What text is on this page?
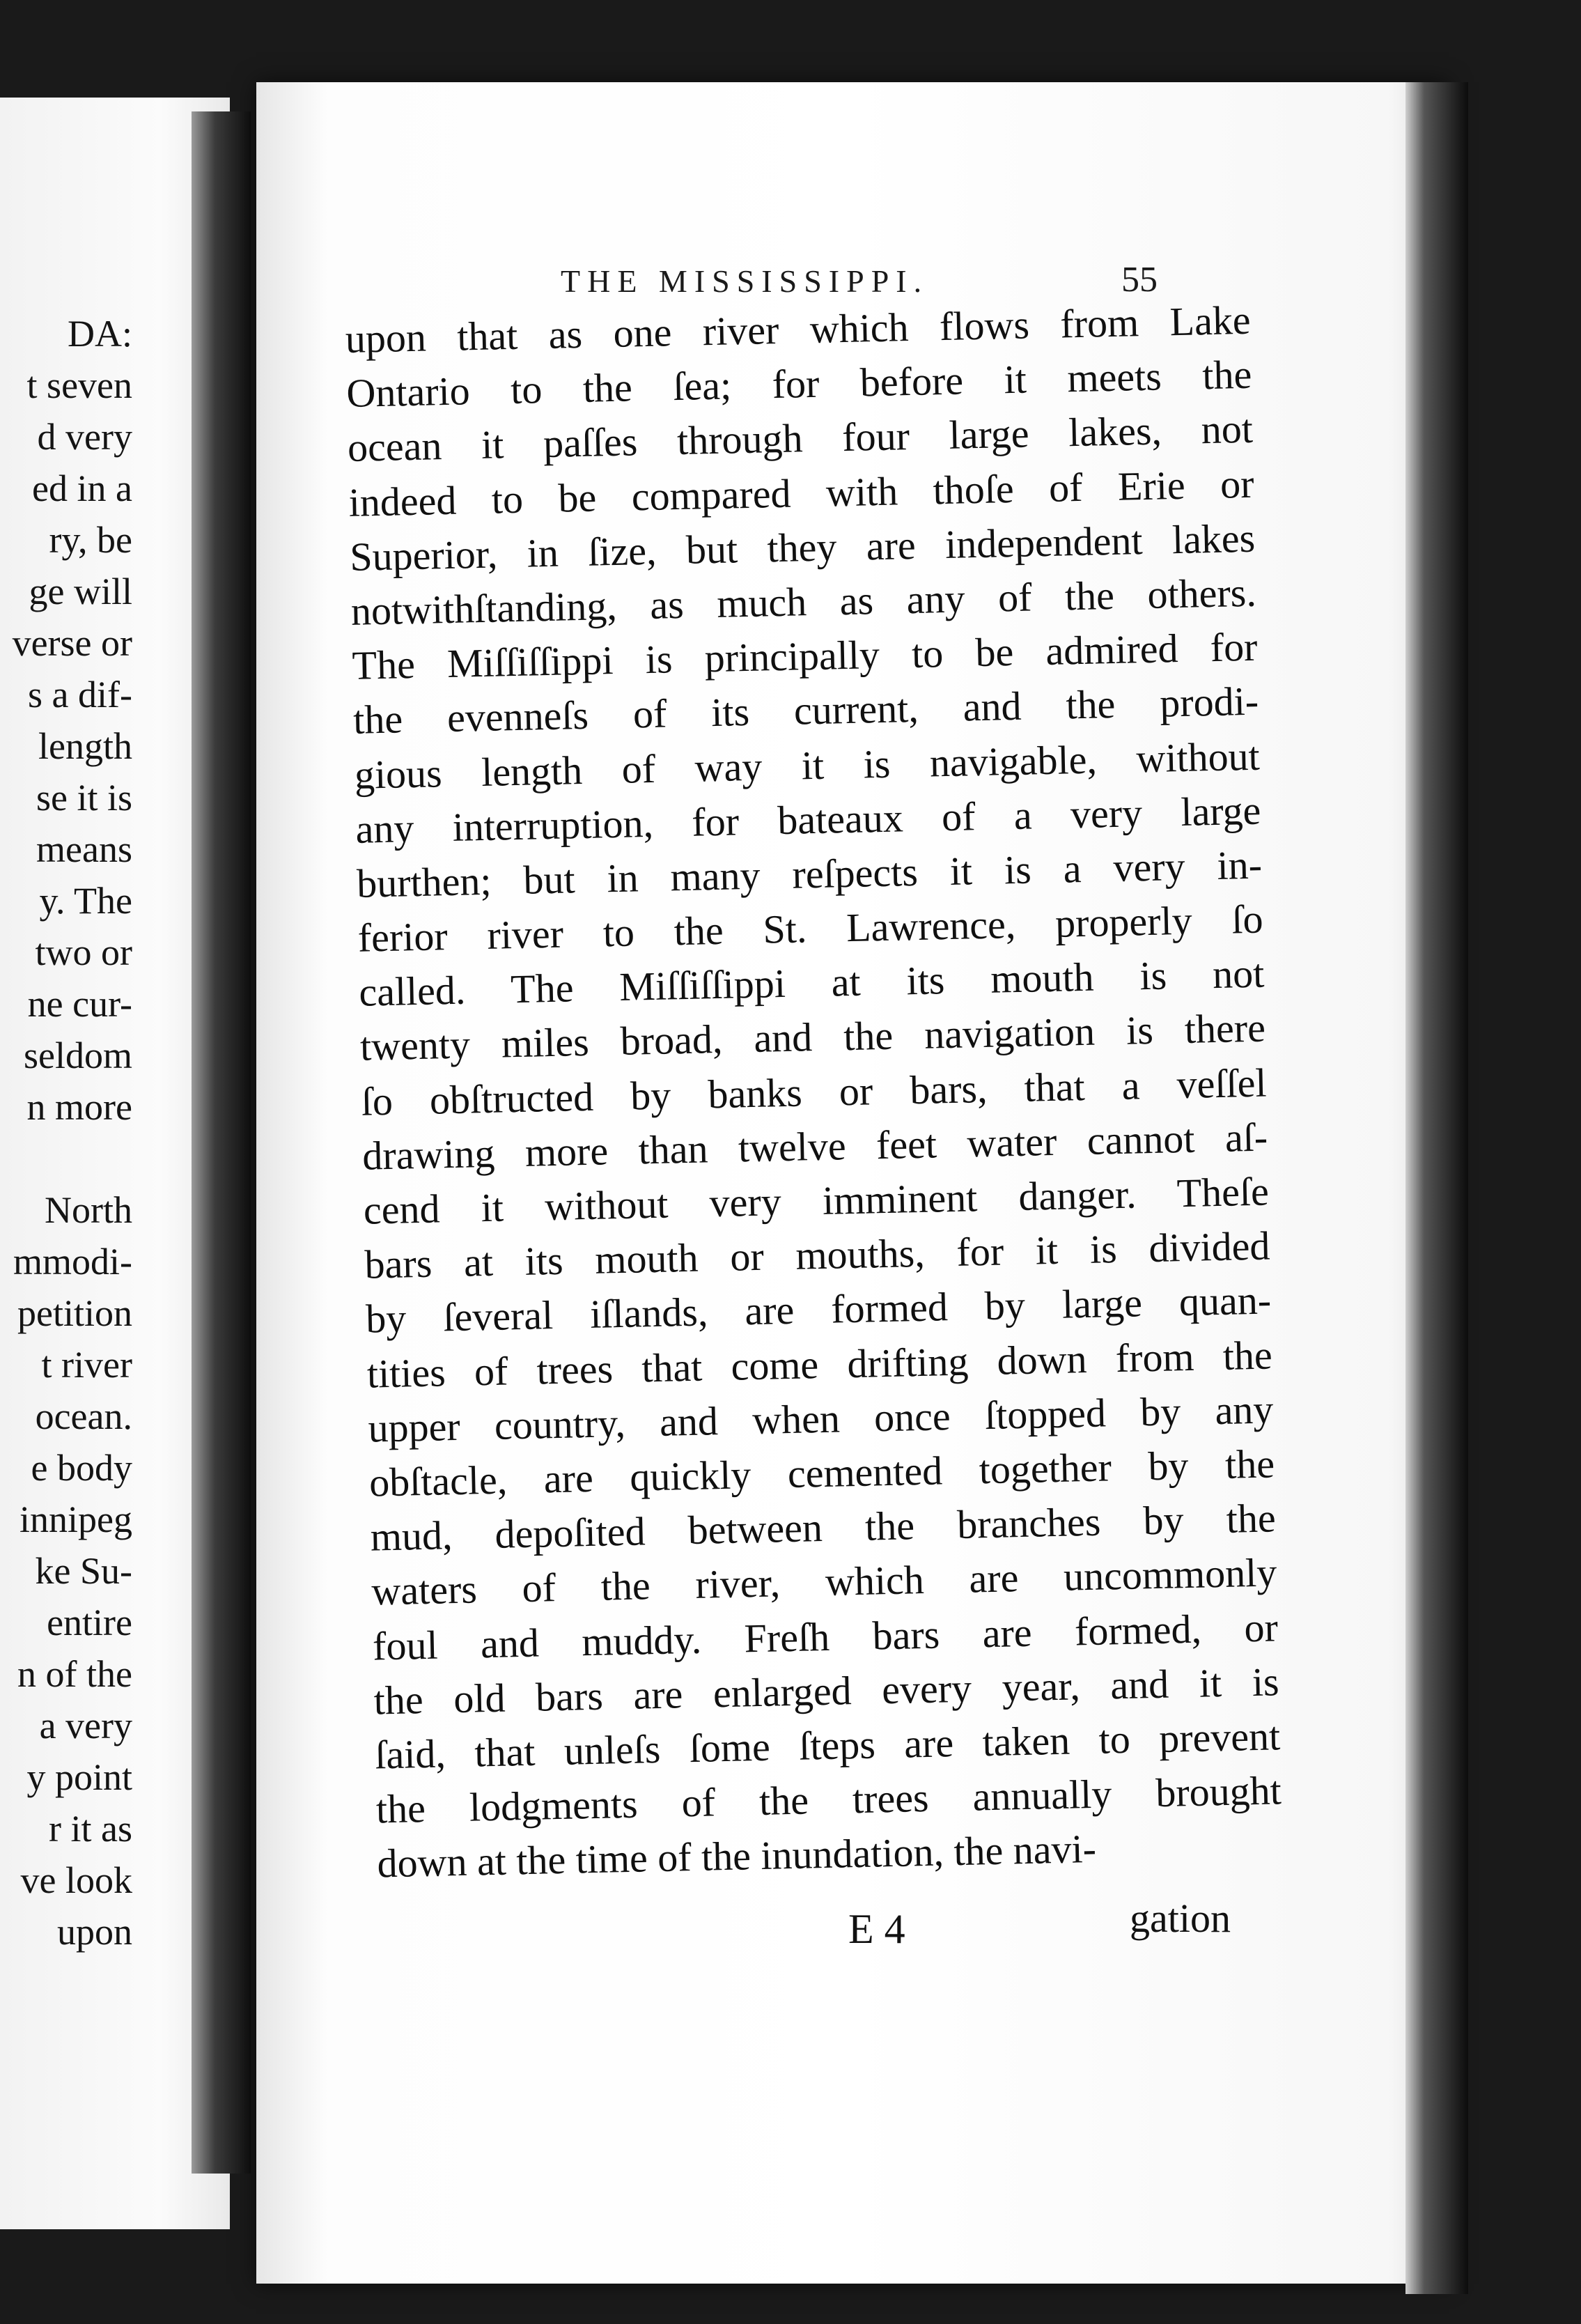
DA:
t seven
d very
ed in a
ry, be
ge will
verse or
s a dif-
length
se it is
means
y. The
two or
ne cur-
seldom
n more
North
mmodi-
petition
t river
ocean.
e body
innipeg
ke Su-
entire
n of the
a very
y point
r it as
ve look
upon
THE MISSISSIPPI.	55
upon that as one river which flows from Lake
Ontario to the ſea; for before it meets the
ocean it paſſes through four large lakes, not
indeed to be compared with thoſe of Erie or
Superior, in ſize, but they are independent lakes
notwithſtanding, as much as any of the others.
The Miſſiſſippi is principally to be admired for
the evenneſs of its current, and the prodi-
gious length of way it is navigable, without
any interruption, for bateaux of a very large
burthen; but in many reſpects it is a very in-
ferior river to the St. Lawrence, properly ſo
called. The Miſſiſſippi at its mouth is not
twenty miles broad, and the navigation is there
ſo obſtructed by banks or bars, that a veſſel
drawing more than twelve feet water cannot aſ-
cend it without very imminent danger. Theſe
bars at its mouth or mouths, for it is divided
by ſeveral iſlands, are formed by large quan-
tities of trees that come drifting down from the
upper country, and when once ſtopped by any
obſtacle, are quickly cemented together by the
mud, depoſited between the branches by the
waters of the river, which are uncommonly
foul and muddy. Freſh bars are formed, or
the old bars are enlarged every year, and it is
ſaid, that unleſs ſome ſteps are taken to prevent
the lodgments of the trees annually brought
down at the time of the inundation, the navi-
E 4	gation
